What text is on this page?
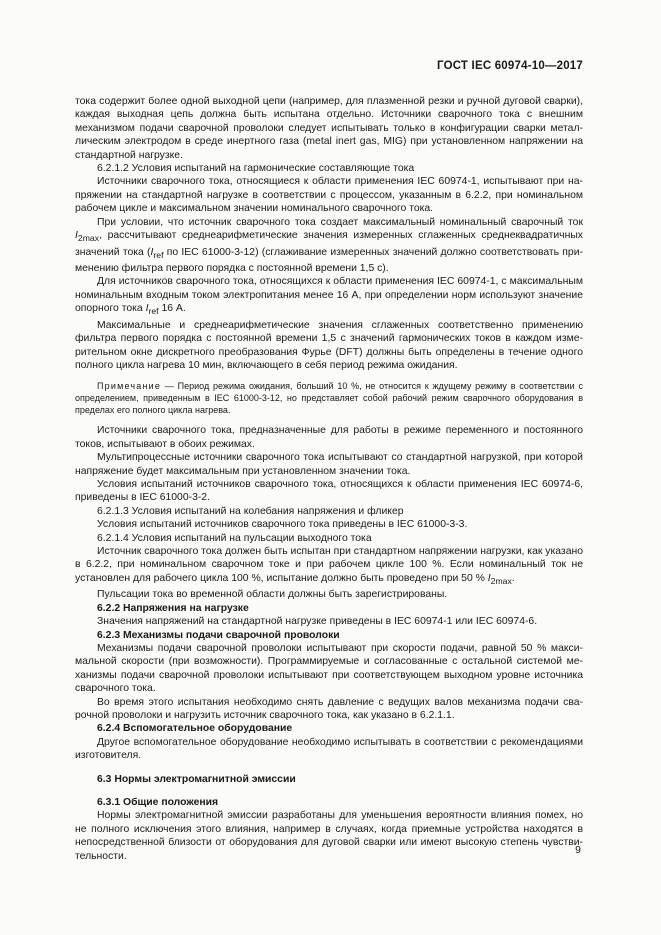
ГОСТ IEC 60974-10—2017

тока содержит более одной выходной цепи (например, для плазменной резки и ручной дуговой сварки), каждая выходная цепь должна быть испытана отдельно. Источники сварочного тока с внешним механизмом подачи сварочной проволоки следует испытывать только в конфигурации сварки металлическим электродом в среде инертного газа (metal inert gas, MIG) при установленном напряжении на стандартной нагрузке.

6.2.1.2 Условия испытаний на гармонические составляющие тока

Источники сварочного тока, относящиеся к области применения IEC 60974-1, испытывают при напряжении на стандартной нагрузке в соответствии с процессом, указанным в 6.2.2, при номинальном рабочем цикле и максимальном значении номинального сварочного тока.

При условии, что источник сварочного тока создает максимальный номинальный сварочный ток $I_{2max}$, рассчитывают среднеарифметические значения измеренных сглаженных среднеквадратичных значений тока ($I_{ref}$ по IEC 61000-3-12) (сглаживание измеренных значений должно соответствовать применению фильтра первого порядка с постоянной времени 1,5 с).

Для источников сварочного тока, относящихся к области применения IEC 60974-1, с максимальным номинальным входным током электропитания менее 16 А, при определении норм используют значение опорного тока $I_{ref}$ 16 А.

Максимальные и среднеарифметические значения сглаженных соответственно применению фильтра первого порядка с постоянной времени 1,5 с значений гармонических токов в каждом измерительном окне дискретного преобразования Фурье (DFT) должны быть определены в течение одного полного цикла нагрева 10 мин, включающего в себя период режима ожидания.

Примечание — Период режима ожидания, больший 10 %, не относится к ждущему режиму в соответствии с определением, приведенным в IEC 61000-3-12, но представляет собой рабочий режим сварочного оборудования в пределах его полного цикла нагрева.

Источники сварочного тока, предназначенные для работы в режиме переменного и постоянного токов, испытывают в обоих режимах.

Мультипроцессные источники сварочного тока испытывают со стандартной нагрузкой, при которой напряжение будет максимальным при установленном значении тока.

Условия испытаний источников сварочного тока, относящихся к области применения IEC 60974-6, приведены в IEC 61000-3-2.

6.2.1.3 Условия испытаний на колебания напряжения и фликер

Условия испытаний источников сварочного тока приведены в IEC 61000-3-3.

6.2.1.4 Условия испытаний на пульсации выходного тока

Источник сварочного тока должен быть испытан при стандартном напряжении нагрузки, как указано в 6.2.2, при номинальном сварочном токе и при рабочем цикле 100 %. Если номинальный ток не установлен для рабочего цикла 100 %, испытание должно быть проведено при 50 % $I_{2max}$.

Пульсации тока во временной области должны быть зарегистрированы.

6.2.2 Напряжения на нагрузке

Значения напряжений на стандартной нагрузке приведены в IEC 60974-1 или IEC 60974-6.

6.2.3 Механизмы подачи сварочной проволоки

Механизмы подачи сварочной проволоки испытывают при скорости подачи, равной 50 % максимальной скорости (при возможности). Программируемые и согласованные с остальной системой механизмы подачи сварочной проволоки испытывают при соответствующем выходном уровне источника сварочного тока.

Во время этого испытания необходимо снять давление с ведущих валов механизма подачи сварочной проволоки и нагрузить источник сварочного тока, как указано в 6.2.1.1.

6.2.4 Вспомогательное оборудование

Другое вспомогательное оборудование необходимо испытывать в соответствии с рекомендациями изготовителя.

6.3 Нормы электромагнитной эмиссии

6.3.1 Общие положения

Нормы электромагнитной эмиссии разработаны для уменьшения вероятности влияния помех, но не полного исключения этого влияния, например в случаях, когда приемные устройства находятся в непосредственной близости от оборудования для дуговой сварки или имеют высокую степень чувствительности.

9
